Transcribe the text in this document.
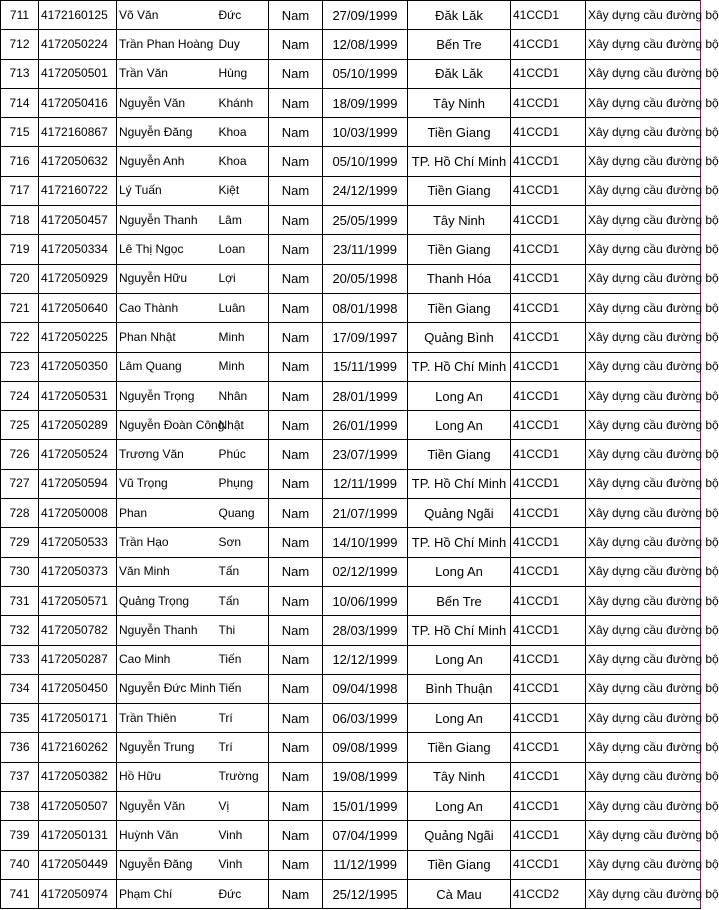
711	4172160125	Võ Văn	Đức	Nam	27/09/1999	Đăk Lăk	41CCD1	Xây dựng cầu đường bộ
712	4172050224	Trần Phan Hoàng	Duy	Nam	12/08/1999	Bến Tre	41CCD1	Xây dựng cầu đường bộ
713	4172050501	Trần Văn	Hùng	Nam	05/10/1999	Đăk Lăk	41CCD1	Xây dựng cầu đường bộ
714	4172050416	Nguyễn Văn	Khánh	Nam	18/09/1999	Tây Ninh	41CCD1	Xây dựng cầu đường bộ
715	4172160867	Nguyễn Đăng	Khoa	Nam	10/03/1999	Tiền Giang	41CCD1	Xây dựng cầu đường bộ
716	4172050632	Nguyễn Anh	Khoa	Nam	05/10/1999	TP. Hồ Chí Minh	41CCD1	Xây dựng cầu đường bộ
717	4172160722	Lý Tuấn	Kiệt	Nam	24/12/1999	Tiền Giang	41CCD1	Xây dựng cầu đường bộ
718	4172050457	Nguyễn Thanh	Lâm	Nam	25/05/1999	Tây Ninh	41CCD1	Xây dựng cầu đường bộ
719	4172050334	Lê Thị Ngọc	Loan	Nam	23/11/1999	Tiền Giang	41CCD1	Xây dựng cầu đường bộ
720	4172050929	Nguyễn Hữu	Lợi	Nam	20/05/1998	Thanh Hóa	41CCD1	Xây dựng cầu đường bộ
721	4172050640	Cao Thành	Luân	Nam	08/01/1998	Tiền Giang	41CCD1	Xây dựng cầu đường bộ
722	4172050225	Phan Nhật	Minh	Nam	17/09/1997	Quảng Bình	41CCD1	Xây dựng cầu đường bộ
723	4172050350	Lâm Quang	Minh	Nam	15/11/1999	TP. Hồ Chí Minh	41CCD1	Xây dựng cầu đường bộ
724	4172050531	Nguyễn Trọng	Nhân	Nam	28/01/1999	Long An	41CCD1	Xây dựng cầu đường bộ
725	4172050289	Nguyễn Đoàn Công	Nhật	Nam	26/01/1999	Long An	41CCD1	Xây dựng cầu đường bộ
726	4172050524	Trương Văn	Phúc	Nam	23/07/1999	Tiền Giang	41CCD1	Xây dựng cầu đường bộ
727	4172050594	Vũ Trọng	Phụng	Nam	12/11/1999	TP. Hồ Chí Minh	41CCD1	Xây dựng cầu đường bộ
728	4172050008	Phan	Quang	Nam	21/07/1999	Quảng Ngãi	41CCD1	Xây dựng cầu đường bộ
729	4172050533	Trần Hạo	Sơn	Nam	14/10/1999	TP. Hồ Chí Minh	41CCD1	Xây dựng cầu đường bộ
730	4172050373	Văn Minh	Tấn	Nam	02/12/1999	Long An	41CCD1	Xây dựng cầu đường bộ
731	4172050571	Quảng Trọng	Tấn	Nam	10/06/1999	Bến Tre	41CCD1	Xây dựng cầu đường bộ
732	4172050782	Nguyễn Thanh	Thi	Nam	28/03/1999	TP. Hồ Chí Minh	41CCD1	Xây dựng cầu đường bộ
733	4172050287	Cao Minh	Tiến	Nam	12/12/1999	Long An	41CCD1	Xây dựng cầu đường bộ
734	4172050450	Nguyễn Đức Minh	Tiến	Nam	09/04/1998	Bình Thuận	41CCD1	Xây dựng cầu đường bộ
735	4172050171	Trần Thiên	Trí	Nam	06/03/1999	Long An	41CCD1	Xây dựng cầu đường bộ
736	4172160262	Nguyễn Trung	Trí	Nam	09/08/1999	Tiền Giang	41CCD1	Xây dựng cầu đường bộ
737	4172050382	Hồ Hữu	Trường	Nam	19/08/1999	Tây Ninh	41CCD1	Xây dựng cầu đường bộ
738	4172050507	Nguyễn Văn	Vị	Nam	15/01/1999	Long An	41CCD1	Xây dựng cầu đường bộ
739	4172050131	Huỳnh Văn	Vinh	Nam	07/04/1999	Quảng Ngãi	41CCD1	Xây dựng cầu đường bộ
740	4172050449	Nguyễn Đăng	Vinh	Nam	11/12/1999	Tiền Giang	41CCD1	Xây dựng cầu đường bộ
741	4172050974	Phạm Chí	Đức	Nam	25/12/1995	Cà Mau	41CCD2	Xây dựng cầu đường bộ
